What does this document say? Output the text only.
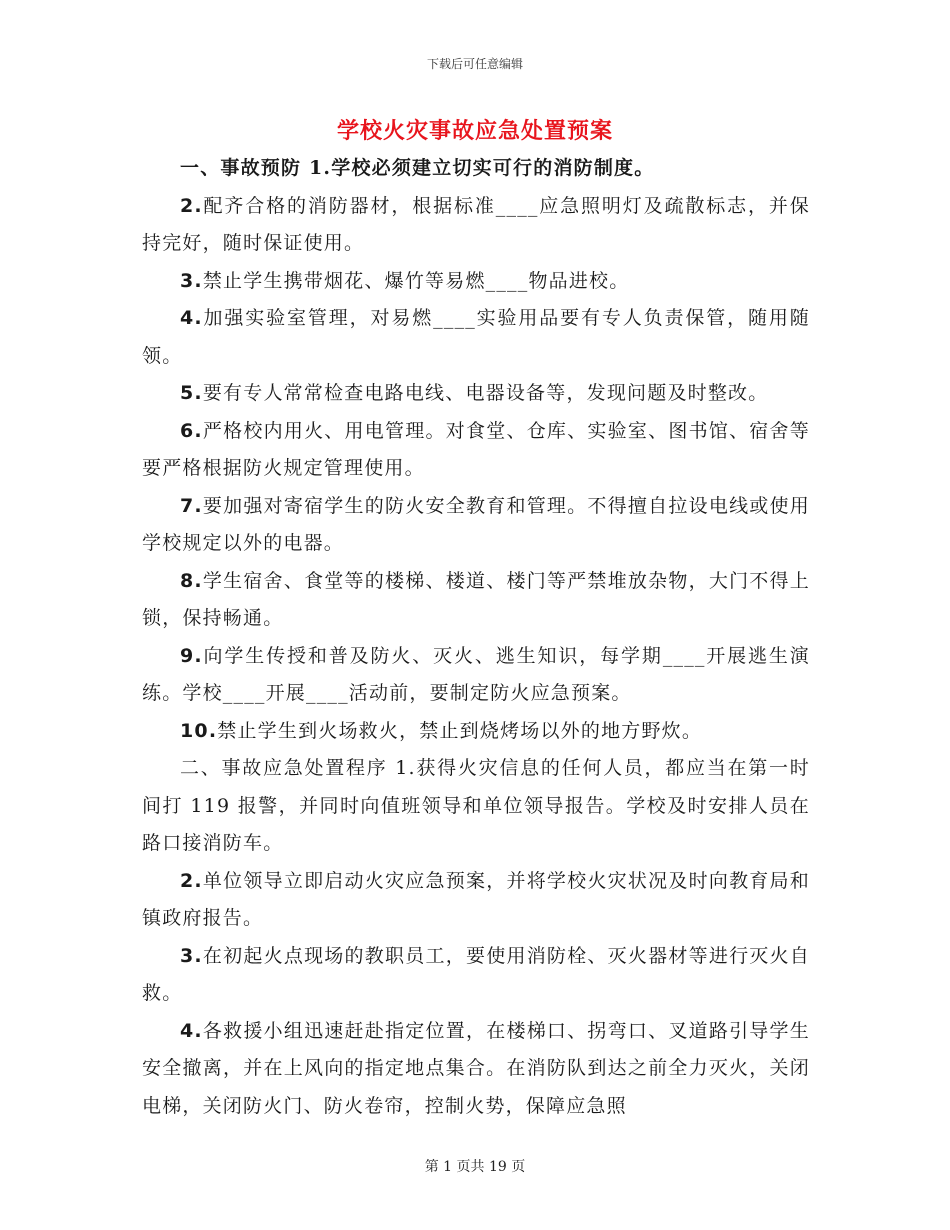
下载后可任意编辑
学校火灾事故应急处置预案

一、事故预防 1.学校必须建立切实可行的消防制度。

2.配齐合格的消防器材，根据标准____应急照明灯及疏散标志，并保持完好，随时保证使用。

3.禁止学生携带烟花、爆竹等易燃____物品进校。

4.加强实验室管理，对易燃____实验用品要有专人负责保管，随用随领。

5.要有专人常常检查电路电线、电器设备等，发现问题及时整改。

6.严格校内用火、用电管理。对食堂、仓库、实验室、图书馆、宿舍等要严格根据防火规定管理使用。

7.要加强对寄宿学生的防火安全教育和管理。不得擅自拉设电线或使用学校规定以外的电器。

8.学生宿舍、食堂等的楼梯、楼道、楼门等严禁堆放杂物，大门不得上锁，保持畅通。

9.向学生传授和普及防火、灭火、逃生知识，每学期____开展逃生演练。学校____开展____活动前，要制定防火应急预案。

10.禁止学生到火场救火，禁止到烧烤场以外的地方野炊。

二、事故应急处置程序 1.获得火灾信息的任何人员，都应当在第一时间打 119 报警，并同时向值班领导和单位领导报告。学校及时安排人员在路口接消防车。

2.单位领导立即启动火灾应急预案，并将学校火灾状况及时向教育局和镇政府报告。

3.在初起火点现场的教职员工，要使用消防栓、灭火器材等进行灭火自救。

4.各救援小组迅速赶赴指定位置，在楼梯口、拐弯口、叉道路引导学生安全撤离，并在上风向的指定地点集合。在消防队到达之前全力灭火，关闭电梯，关闭防火门、防火卷帘，控制火势，保障应急照

第 1 页共 19 页
